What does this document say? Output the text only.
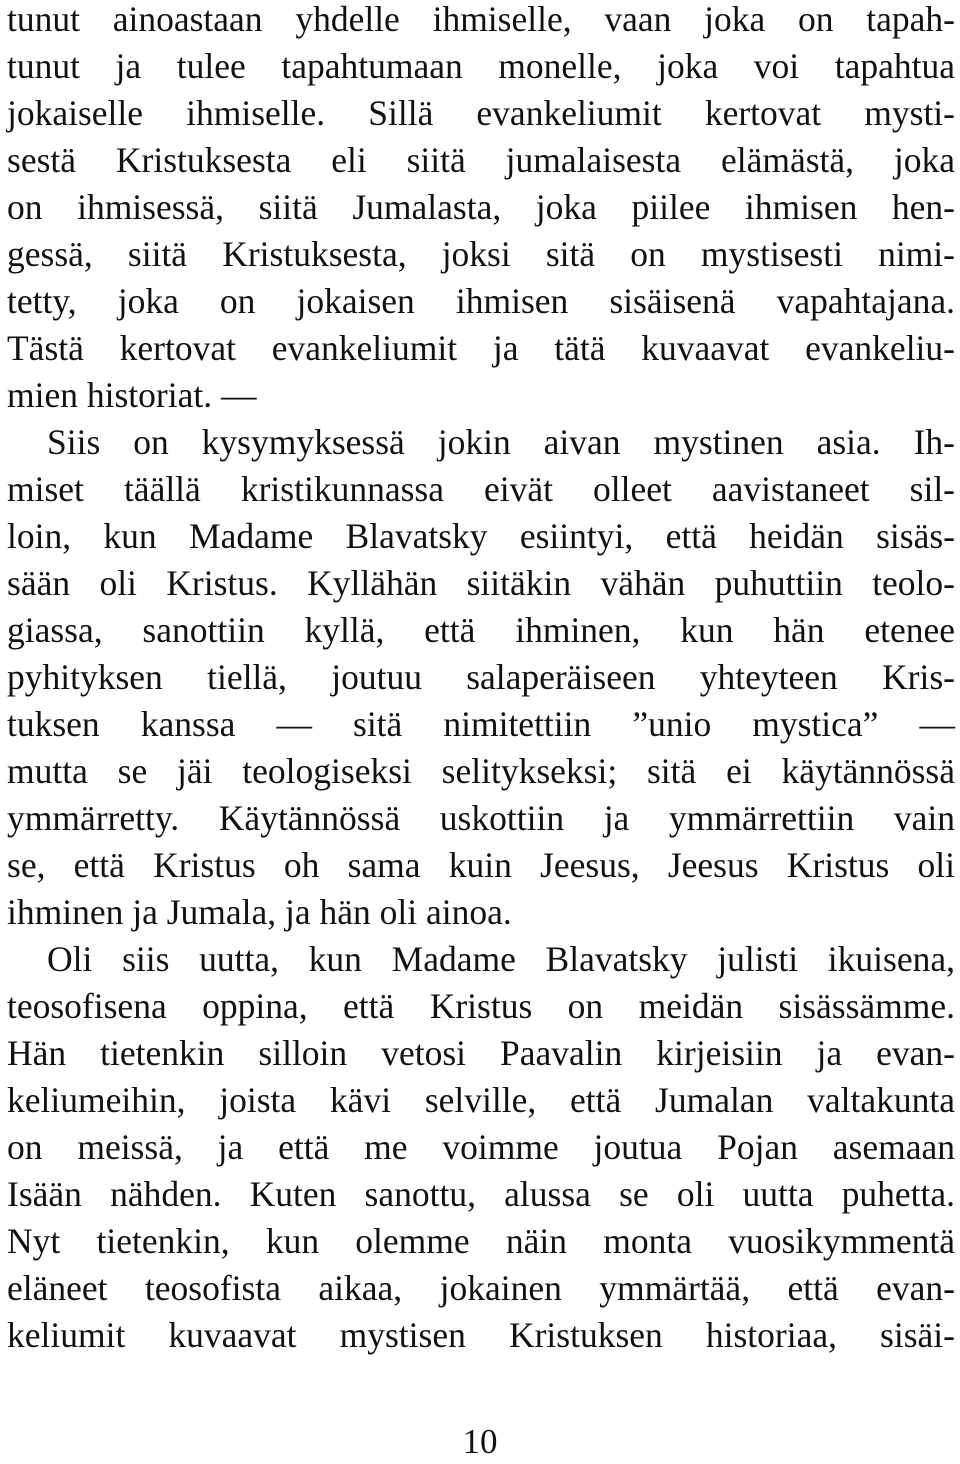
tunut ainoastaan yhdelle ihmiselle, vaan joka on tapah-
tunut ja tulee tapahtumaan monelle, joka voi tapahtua
jokaiselle ihmiselle. Sillä evankeliumit kertovat mysti-
sestä Kristuksesta eli siitä jumalaisesta elämästä, joka
on ihmisessä, siitä Jumalasta, joka piilee ihmisen hen-
gessä, siitä Kristuksesta, joksi sitä on mystisesti nimi-
tetty, joka on jokaisen ihmisen sisäisenä vapahtajana.
Tästä kertovat evankeliumit ja tätä kuvaavat evankeliu-
mien historiat. —
Siis on kysymyksessä jokin aivan mystinen asia. Ih-
miset täällä kristikunnassa eivät olleet aavistaneet sil-
loin, kun Madame Blavatsky esiintyi, että heidän sisäs-
sään oli Kristus. Kyllähän siitäkin vähän puhuttiin teolo-
giassa, sanottiin kyllä, että ihminen, kun hän etenee
pyhityksen tiellä, joutuu salaperäiseen yhteyteen Kris-
tuksen kanssa — sitä nimitettiin ”unio mystica” —
mutta se jäi teologiseksi selitykseksi; sitä ei käytännössä
ymmärretty. Käytännössä uskottiin ja ymmärrettiin vain
se, että Kristus oh sama kuin Jeesus, Jeesus Kristus oli
ihminen ja Jumala, ja hän oli ainoa.
Oli siis uutta, kun Madame Blavatsky julisti ikuisena,
teosofisena oppina, että Kristus on meidän sisässämme.
Hän tietenkin silloin vetosi Paavalin kirjeisiin ja evan-
keliumeihin, joista kävi selville, että Jumalan valtakunta
on meissä, ja että me voimme joutua Pojan asemaan
Isään nähden. Kuten sanottu, alussa se oli uutta puhetta.
Nyt tietenkin, kun olemme näin monta vuosikymmentä
eläneet teosofista aikaa, jokainen ymmärtää, että evan-
keliumit kuvaavat mystisen Kristuksen historiaa, sisäi-
10
